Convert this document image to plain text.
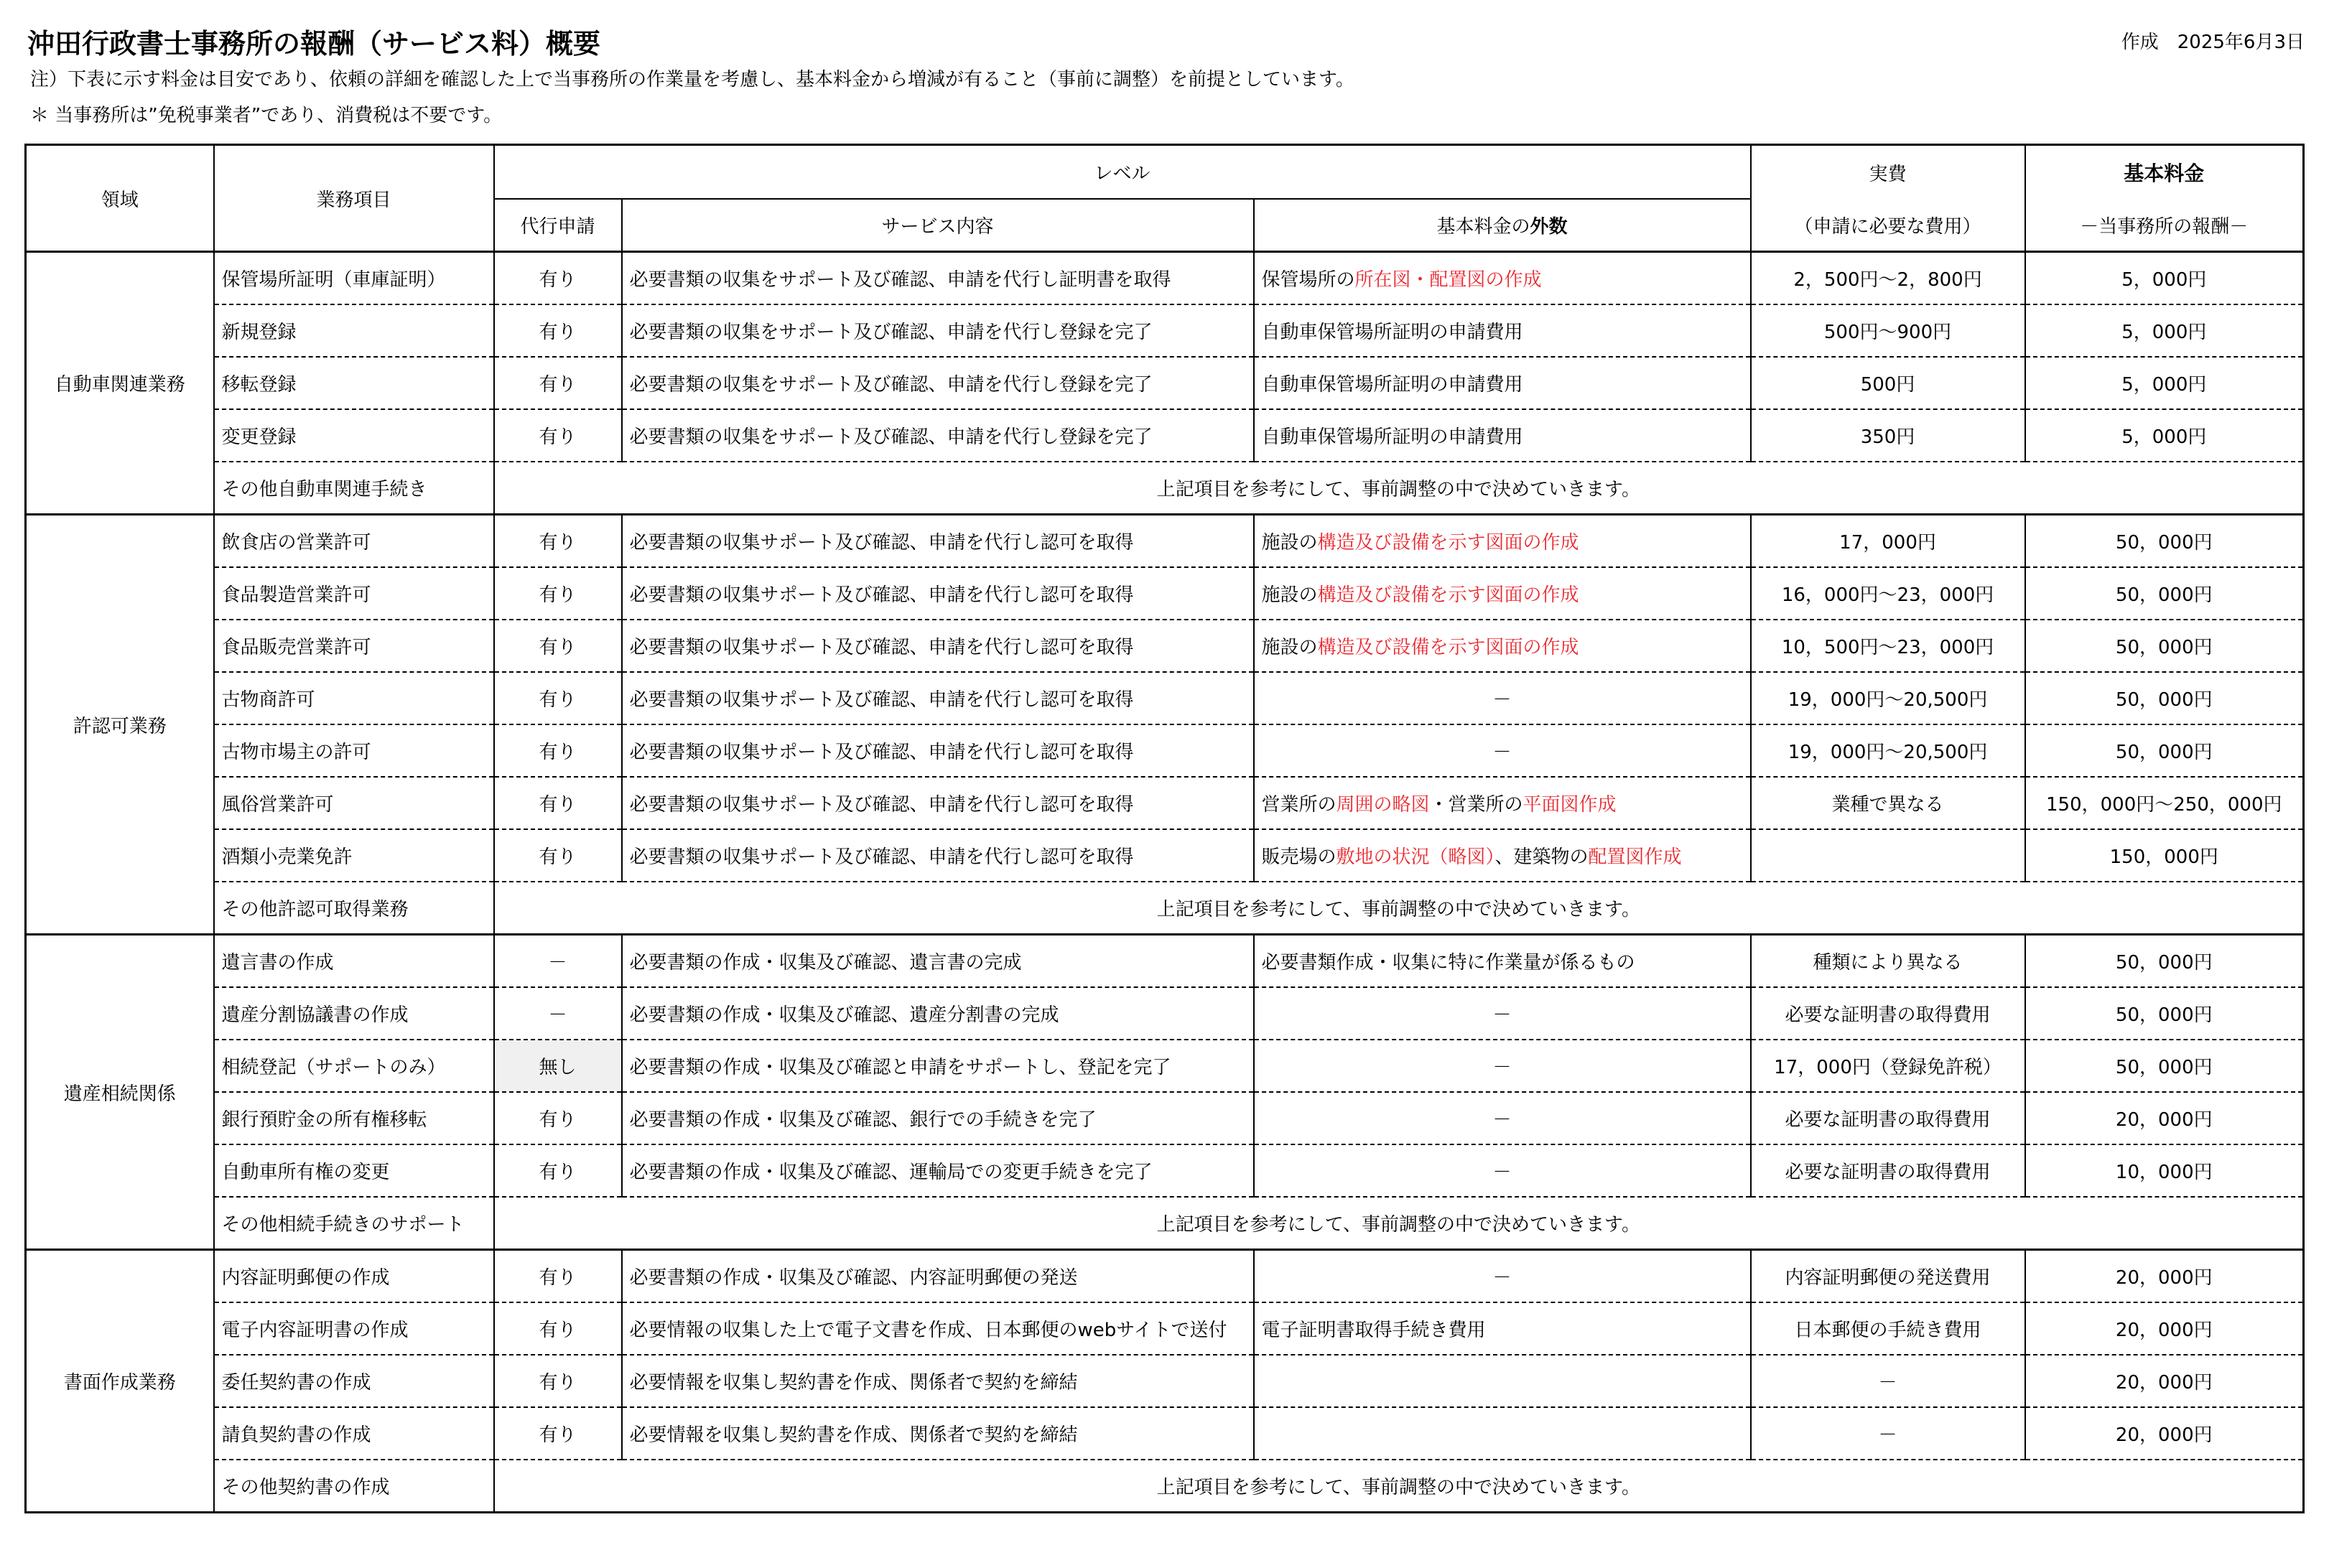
沖田行政書士事務所の報酬（サービス料）概要	作成　2025年6月3日
注）下表に示す料金は目安であり、依頼の詳細を確認した上で当事務所の作業量を考慮し、基本料金から増減が有ること（事前に調整）を前提としています。
＊ 当事務所は”免税事業者”であり、消費税は不要です。
領域	業務項目	レベル			実費	基本料金
		代行申請	サービス内容	基本料金の外数	（申請に必要な費用）	－当事務所の報酬－
自動車関連業務	保管場所証明（車庫証明）	有り	必要書類の収集をサポート及び確認、申請を代行し証明書を取得	保管場所の所在図・配置図の作成	2，500円～2，800円	5，000円
	新規登録	有り	必要書類の収集をサポート及び確認、申請を代行し登録を完了	自動車保管場所証明の申請費用	500円～900円	5，000円
	移転登録	有り	必要書類の収集をサポート及び確認、申請を代行し登録を完了	自動車保管場所証明の申請費用	500円	5，000円
	変更登録	有り	必要書類の収集をサポート及び確認、申請を代行し登録を完了	自動車保管場所証明の申請費用	350円	5，000円
	その他自動車関連手続き	上記項目を参考にして、事前調整の中で決めていきます。				
許認可業務	飲食店の営業許可	有り	必要書類の収集サポート及び確認、申請を代行し認可を取得	施設の構造及び設備を示す図面の作成	17，000円	50，000円
	食品製造営業許可	有り	必要書類の収集サポート及び確認、申請を代行し認可を取得	施設の構造及び設備を示す図面の作成	16，000円～23，000円	50，000円
	食品販売営業許可	有り	必要書類の収集サポート及び確認、申請を代行し認可を取得	施設の構造及び設備を示す図面の作成	10，500円～23，000円	50，000円
	古物商許可	有り	必要書類の収集サポート及び確認、申請を代行し認可を取得	－	19，000円～20,500円	50，000円
	古物市場主の許可	有り	必要書類の収集サポート及び確認、申請を代行し認可を取得	－	19，000円～20,500円	50，000円
	風俗営業許可	有り	必要書類の収集サポート及び確認、申請を代行し認可を取得	営業所の周囲の略図・営業所の平面図作成	業種で異なる	150，000円～250，000円
	酒類小売業免許	有り	必要書類の収集サポート及び確認、申請を代行し認可を取得	販売場の敷地の状況（略図）、建築物の配置図作成		150，000円
	その他許認可取得業務	上記項目を参考にして、事前調整の中で決めていきます。				
遺産相続関係	遺言書の作成	－	必要書類の作成・収集及び確認、遺言書の完成	必要書類作成・収集に特に作業量が係るもの	種類により異なる	50，000円
	遺産分割協議書の作成	－	必要書類の作成・収集及び確認、遺産分割書の完成	－	必要な証明書の取得費用	50，000円
	相続登記（サポートのみ）	無し	必要書類の作成・収集及び確認と申請をサポートし、登記を完了	－	17，000円（登録免許税）	50，000円
	銀行預貯金の所有権移転	有り	必要書類の作成・収集及び確認、銀行での手続きを完了	－	必要な証明書の取得費用	20，000円
	自動車所有権の変更	有り	必要書類の作成・収集及び確認、運輸局での変更手続きを完了	－	必要な証明書の取得費用	10，000円
	その他相続手続きのサポート	上記項目を参考にして、事前調整の中で決めていきます。				
書面作成業務	内容証明郵便の作成	有り	必要書類の作成・収集及び確認、内容証明郵便の発送	－	内容証明郵便の発送費用	20，000円
	電子内容証明書の作成	有り	必要情報の収集した上で電子文書を作成、日本郵便のwebサイトで送付	電子証明書取得手続き費用	日本郵便の手続き費用	20，000円
	委任契約書の作成	有り	必要情報を収集し契約書を作成、関係者で契約を締結		－	20，000円
	請負契約書の作成	有り	必要情報を収集し契約書を作成、関係者で契約を締結		－	20，000円
	その他契約書の作成	上記項目を参考にして、事前調整の中で決めていきます。				
